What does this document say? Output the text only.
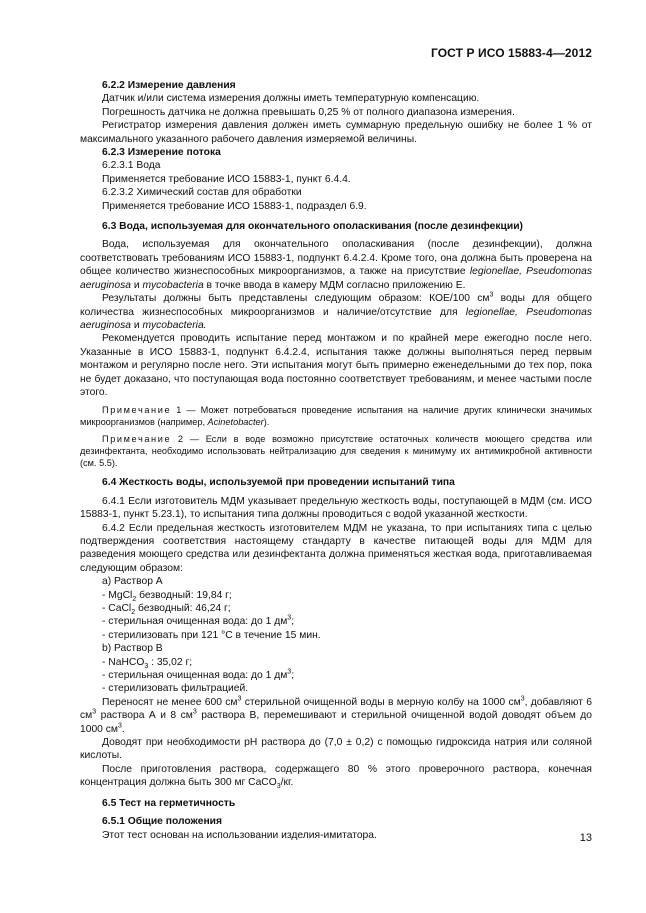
ГОСТ Р ИСО 15883-4—2012

6.2.2 Измерение давления

Датчик и/или система измерения должны иметь температурную компенсацию.

Погрешность датчика не должна превышать 0,25 % от полного диапазона измерения.

Регистратор измерения давления должен иметь суммарную предельную ошибку не более 1 % от максимального указанного рабочего давления измеряемой величины.

6.2.3 Измерение потока

6.2.3.1 Вода

Применяется требование ИСО 15883-1, пункт 6.4.4.

6.2.3.2 Химический состав для обработки

Применяется требование ИСО 15883-1, подраздел 6.9.

6.3 Вода, используемая для окончательного ополаскивания (после дезинфекции)

Вода, используемая для окончательного ополаскивания (после дезинфекции), должна соответствовать требованиям ИСО 15883-1, подпункт 6.4.2.4. Кроме того, она должна быть проверена на общее количество жизнеспособных микроорганизмов, а также на присутствие legionellae, Pseudomonas aeruginosa и mycobacteria в точке ввода в камеру МДМ согласно приложению Е.

Результаты должны быть представлены следующим образом: КОЕ/100 $см^3$ воды для общего количества жизнеспособных микроорганизмов и наличие/отсутствие для legionellae, Pseudomonas aeruginosa и mycobacteria.

Рекомендуется проводить испытание перед монтажом и по крайней мере ежегодно после него. Указанные в ИСО 15883-1, подпункт 6.4.2.4, испытания также должны выполняться перед первым монтажом и регулярно после него. Эти испытания могут быть примерно еженедельными до тех пор, пока не будет доказано, что поступающая вода постоянно соответствует требованиям, и менее частыми после этого.

Примечание 1 — Может потребоваться проведение испытания на наличие других клинически значимых микроорганизмов (например, Acinetobacter).

Примечание 2 — Если в воде возможно присутствие остаточных количеств моющего средства или дезинфектанта, необходимо использовать нейтрализацию для сведения к минимуму их антимикробной активности (см. 5.5).

6.4 Жесткость воды, используемой при проведении испытаний типа

6.4.1 Если изготовитель МДМ указывает предельную жесткость воды, поступающей в МДМ (см. ИСО 15883-1, пункт 5.23.1), то испытания типа должны проводиться с водой указанной жесткости.

6.4.2 Если предельная жесткость изготовителем МДМ не указана, то при испытаниях типа с целью подтверждения соответствия настоящему стандарту в качестве питающей воды для МДМ для разведения моющего средства или дезинфектанта должна применяться жесткая вода, приготавливаемая следующим образом:

a) Раствор А

- MgCl$_2$ безводный: 19,84 г;

- CaCl$_2$ безводный: 46,24 г;

- стерильная очищенная вода: до 1 $дм^3$;

- стерилизовать при 121 °С в течение 15 мин.

b) Раствор В

- NaHCO$_3$ : 35,02 г;

- стерильная очищенная вода: до 1 $дм^3$;

- стерилизовать фильтрацией.

Переносят не менее 600 $см^3$ стерильной очищенной воды в мерную колбу на 1000 $см^3$, добавляют 6 $см^3$ раствора А и 8 $см^3$ раствора В, перемешивают и стерильной очищенной водой доводят объем до 1000 $см^3$.

Доводят при необходимости рН раствора до (7,0 ± 0,2) с помощью гидроксида натрия или соляной кислоты.

После приготовления раствора, содержащего 80 % этого проверочного раствора, конечная концентрация должна быть 300 мг CaCO$_3$/кг.

6.5 Тест на герметичность

6.5.1 Общие положения

Этот тест основан на использовании изделия-имитатора.	13
